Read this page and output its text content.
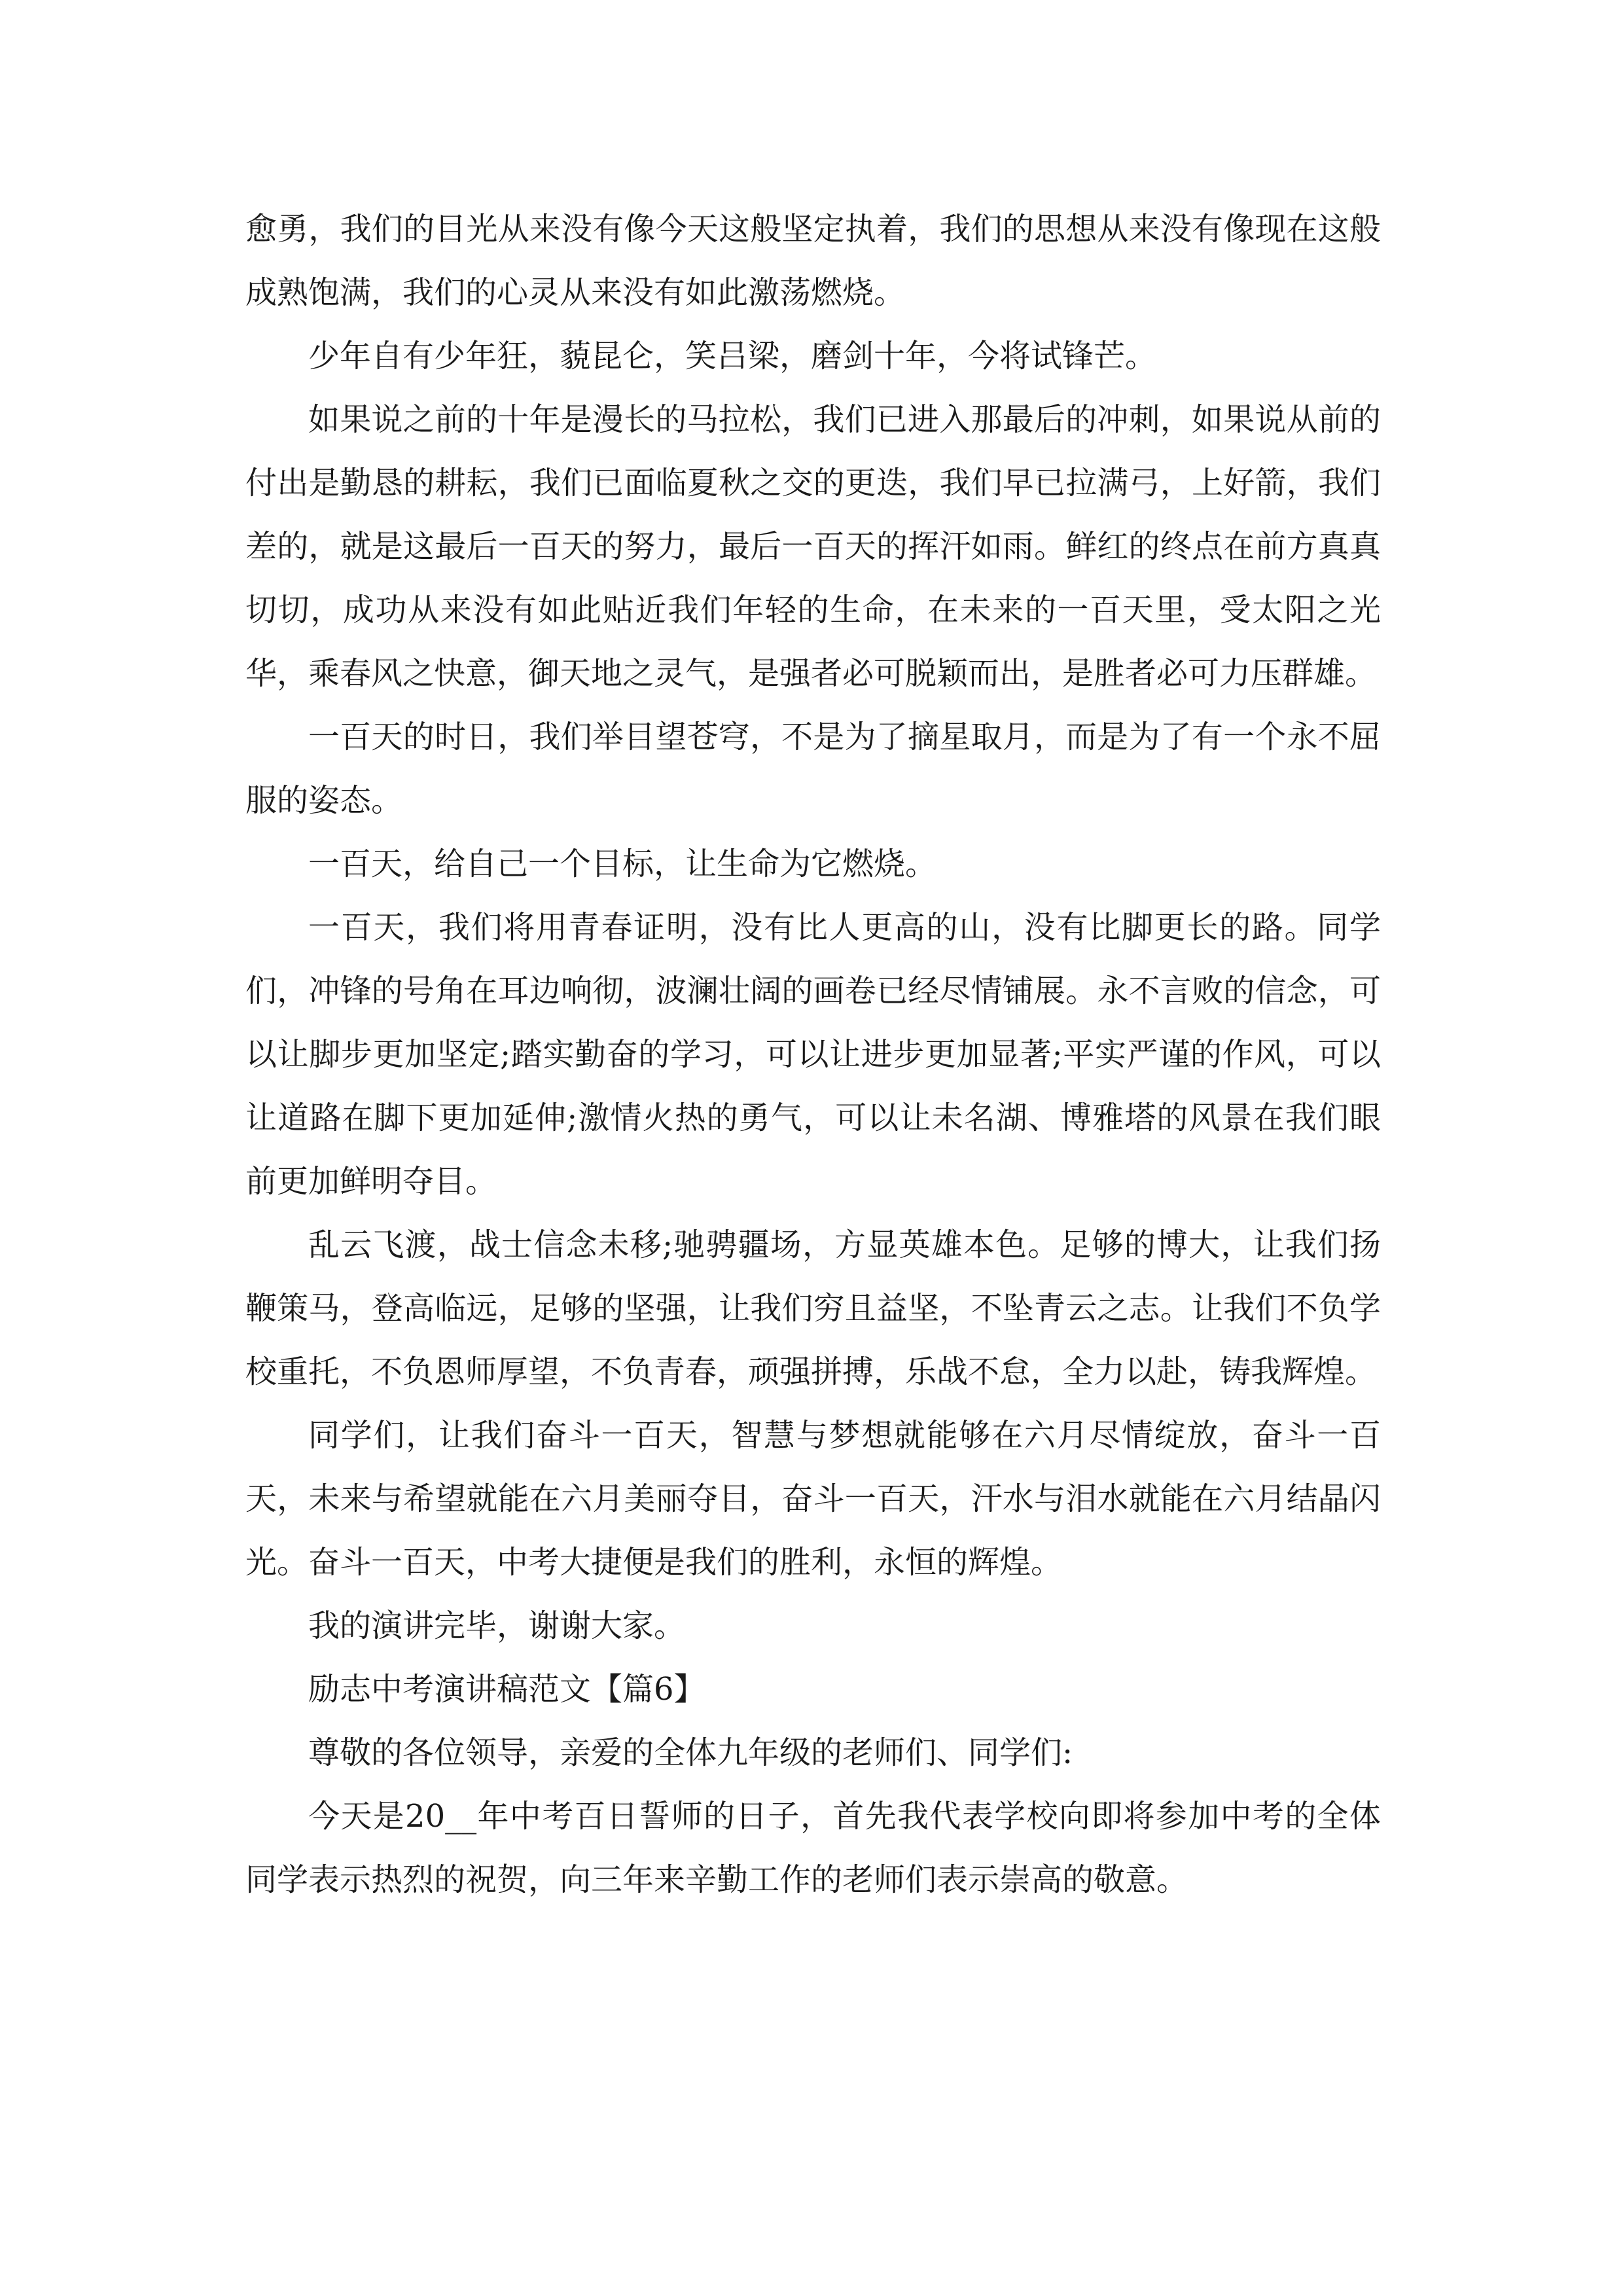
愈勇，我们的目光从来没有像今天这般坚定执着，我们的思想从来没有像现在这般成熟饱满，我们的心灵从来没有如此激荡燃烧。

少年自有少年狂，藐昆仑，笑吕梁，磨剑十年，今将试锋芒。

如果说之前的十年是漫长的马拉松，我们已进入那最后的冲刺，如果说从前的付出是勤恳的耕耘，我们已面临夏秋之交的更迭，我们早已拉满弓，上好箭，我们差的，就是这最后一百天的努力，最后一百天的挥汗如雨。鲜红的终点在前方真真切切，成功从来没有如此贴近我们年轻的生命，在未来的一百天里，受太阳之光华，乘春风之快意，御天地之灵气，是强者必可脱颖而出，是胜者必可力压群雄。

一百天的时日，我们举目望苍穹，不是为了摘星取月，而是为了有一个永不屈服的姿态。

一百天，给自己一个目标，让生命为它燃烧。

一百天，我们将用青春证明，没有比人更高的山，没有比脚更长的路。同学们，冲锋的号角在耳边响彻，波澜壮阔的画卷已经尽情铺展。永不言败的信念，可以让脚步更加坚定;踏实勤奋的学习，可以让进步更加显著;平实严谨的作风，可以让道路在脚下更加延伸;激情火热的勇气，可以让未名湖、博雅塔的风景在我们眼前更加鲜明夺目。

乱云飞渡，战士信念未移;驰骋疆场，方显英雄本色。足够的博大，让我们扬鞭策马，登高临远，足够的坚强，让我们穷且益坚，不坠青云之志。让我们不负学校重托，不负恩师厚望，不负青春，顽强拼搏，乐战不怠，全力以赴，铸我辉煌。

同学们，让我们奋斗一百天，智慧与梦想就能够在六月尽情绽放，奋斗一百天，未来与希望就能在六月美丽夺目，奋斗一百天，汗水与泪水就能在六月结晶闪光。奋斗一百天，中考大捷便是我们的胜利，永恒的辉煌。

我的演讲完毕，谢谢大家。

励志中考演讲稿范文【篇6】

尊敬的各位领导，亲爱的全体九年级的老师们、同学们:

今天是20__年中考百日誓师的日子，首先我代表学校向即将参加中考的全体同学表示热烈的祝贺，向三年来辛勤工作的老师们表示崇高的敬意。
